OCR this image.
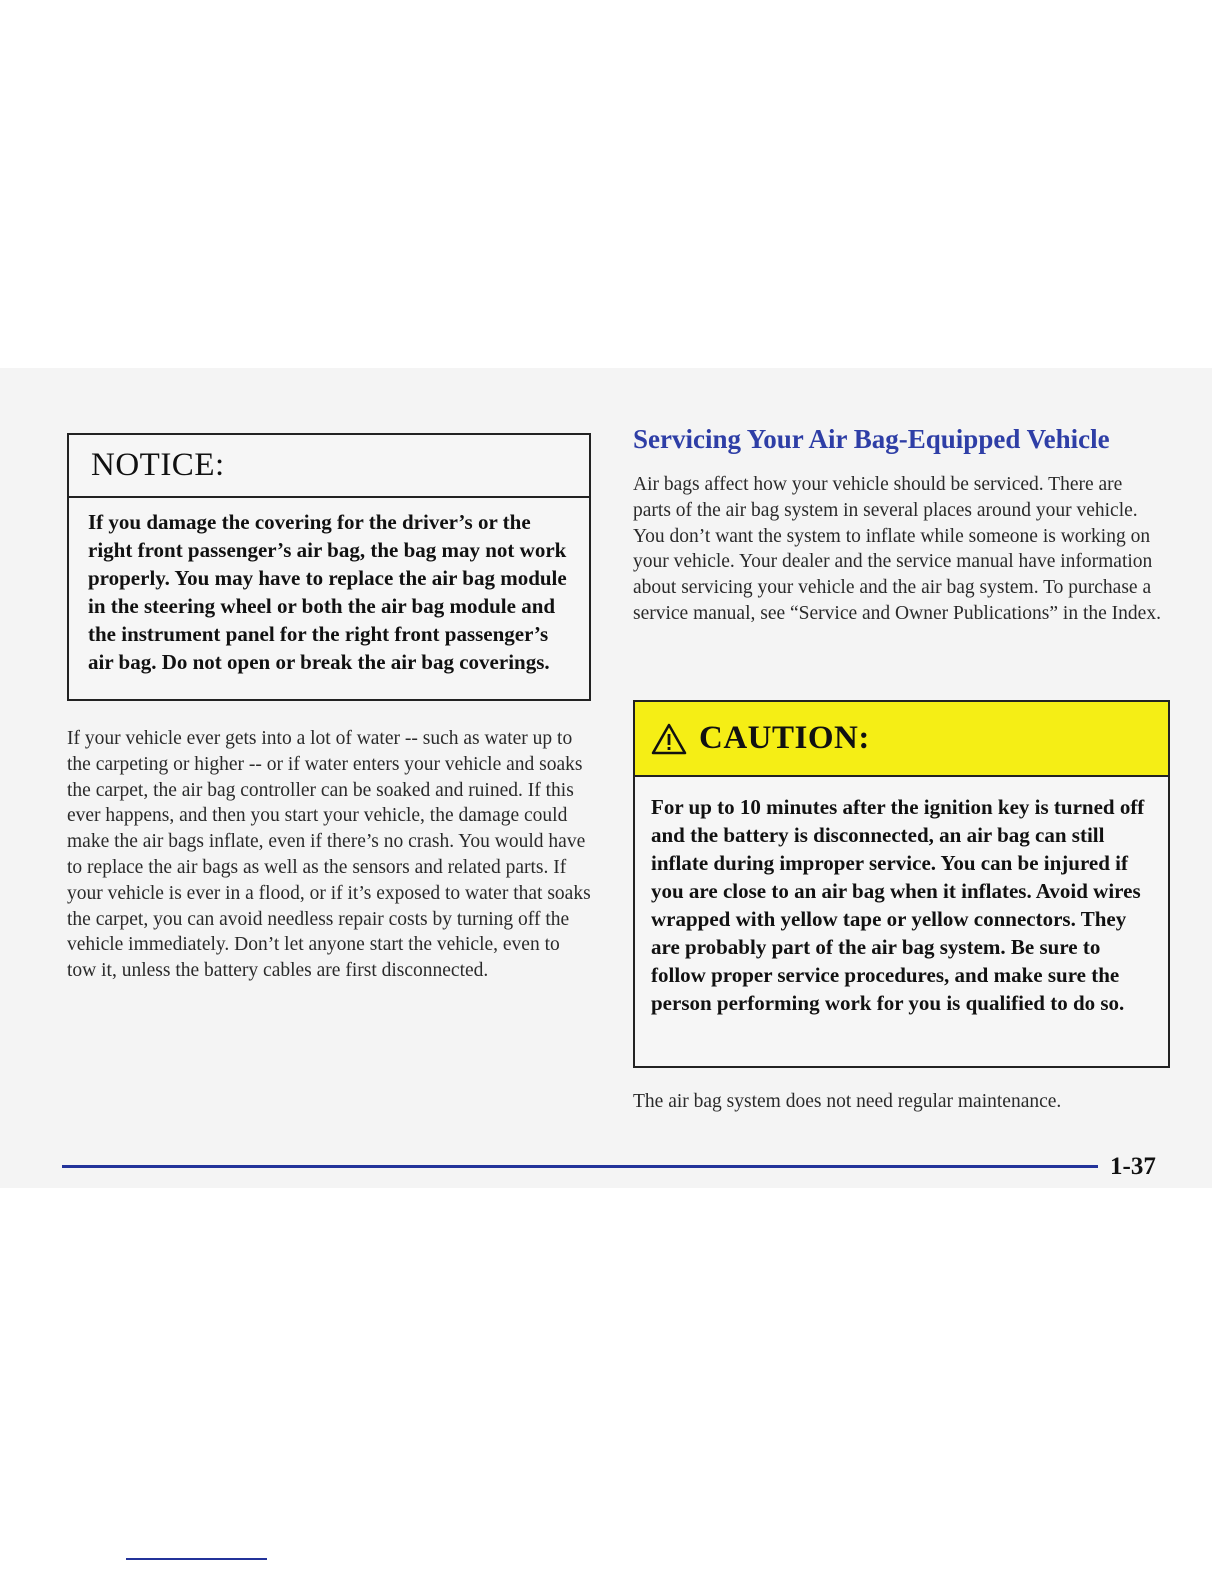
NOTICE:
If you damage the covering for the driver’s or the right front passenger’s air bag, the bag may not work properly. You may have to replace the air bag module in the steering wheel or both the air bag module and the instrument panel for the right front passenger’s air bag. Do not open or break the air bag coverings.
If your vehicle ever gets into a lot of water -- such as water up to the carpeting or higher -- or if water enters your vehicle and soaks the carpet, the air bag controller can be soaked and ruined. If this ever happens, and then you start your vehicle, the damage could make the air bags inflate, even if there’s no crash. You would have to replace the air bags as well as the sensors and related parts. If your vehicle is ever in a flood, or if it’s exposed to water that soaks the carpet, you can avoid needless repair costs by turning off the vehicle immediately. Don’t let anyone start the vehicle, even to tow it, unless the battery cables are first disconnected.
Servicing Your Air Bag-Equipped Vehicle
Air bags affect how your vehicle should be serviced. There are parts of the air bag system in several places around your vehicle. You don’t want the system to inflate while someone is working on your vehicle. Your dealer and the service manual have information about servicing your vehicle and the air bag system. To purchase a service manual, see “Service and Owner Publications” in the Index.
CAUTION:
For up to 10 minutes after the ignition key is turned off and the battery is disconnected, an air bag can still inflate during improper service. You can be injured if you are close to an air bag when it inflates. Avoid wires wrapped with yellow tape or yellow connectors. They are probably part of the air bag system. Be sure to follow proper service procedures, and make sure the person performing work for you is qualified to do so.
The air bag system does not need regular maintenance.
1-37
